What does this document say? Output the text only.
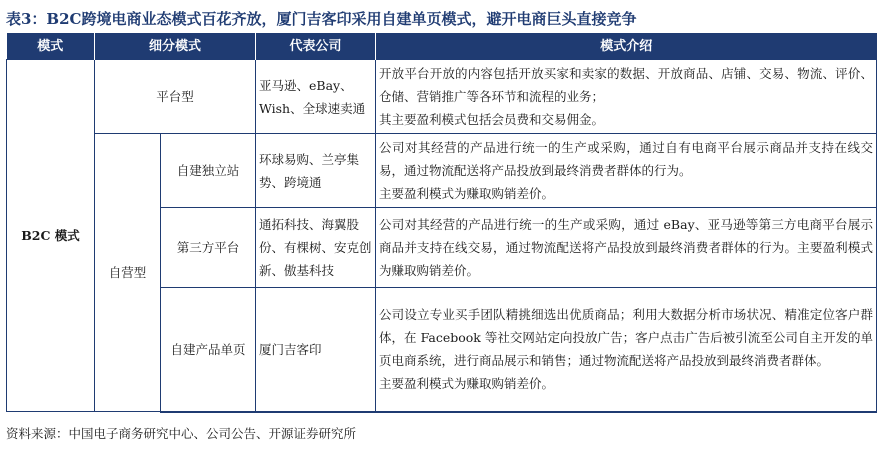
表3：B2C跨境电商业态模式百花齐放，厦门吉客印采用自建单页模式，避开电商巨头直接竞争
模式	细分模式		代表公司	模式介绍
B2C 模式	平台型		亚马逊、eBay、Wish、全球速卖通	开放平台开放的内容包括开放买家和卖家的数据、开放商品、店铺、交易、物流、评价、仓储、营销推广等各环节和流程的业务；
其主要盈利模式包括会员费和交易佣金。

	自营型	自建独立站	环球易购、兰亭集势、跨境通	公司对其经营的产品进行统一的生产或采购，通过自有电商平台展示商品并支持在线交易，通过物流配送将产品投放到最终消费者群体的行为。
主要盈利模式为赚取购销差价。

		第三方平台	通拓科技、海翼股份、有棵树、安克创新、傲基科技	公司对其经营的产品进行统一的生产或采购，通过 eBay、亚马逊等第三方电商平台展示商品并支持在线交易，通过物流配送将产品投放到最终消费者群体的行为。主要盈利模式为赚取购销差价。

		自建产品单页	厦门吉客印	公司设立专业买手团队精挑细选出优质商品；利用大数据分析市场状况、精准定位客户群体，在 Facebook 等社交网站定向投放广告；客户点击广告后被引流至公司自主开发的单页电商系统，进行商品展示和销售；通过物流配送将产品投放到最终消费者群体。
主要盈利模式为赚取购销差价。
资料来源：中国电子商务研究中心、公司公告、开源证券研究所
